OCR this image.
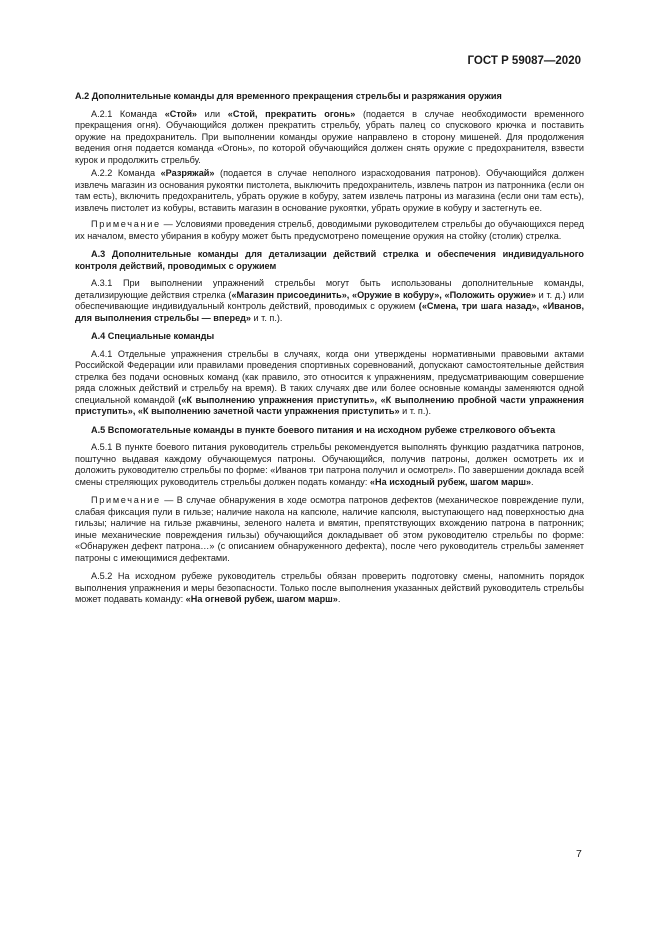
ГОСТ Р 59087—2020

А.2 Дополнительные команды для временного прекращения стрельбы и разряжания оружия

А.2.1 Команда «Стой» или «Стой, прекратить огонь» (подается в случае необходимости временного прекращения огня). Обучающийся должен прекратить стрельбу, убрать палец со спускового крючка и поставить оружие на предохранитель. При выполнении команды оружие направлено в сторону мишеней. Для продолжения ведения огня подается команда «Огонь», по которой обучающийся должен снять оружие с предохранителя, взвести курок и продолжить стрельбу.

А.2.2 Команда «Разряжай» (подается в случае неполного израсходования патронов). Обучающийся должен извлечь магазин из основания рукоятки пистолета, выключить предохранитель, извлечь патрон из патронника (если он там есть), включить предохранитель, убрать оружие в кобуру, затем извлечь патроны из магазина (если они там есть), извлечь пистолет из кобуры, вставить магазин в основание рукоятки, убрать оружие в кобуру и застегнуть ее.

Примечание — Условиями проведения стрельб, доводимыми руководителем стрельбы до обучающихся перед их началом, вместо убирания в кобуру может быть предусмотрено помещение оружия на стойку (столик) стрелка.

А.3 Дополнительные команды для детализации действий стрелка и обеспечения индивидуального контроля действий, проводимых с оружием

А.3.1 При выполнении упражнений стрельбы могут быть использованы дополнительные команды, детализирующие действия стрелка («Магазин присоединить», «Оружие в кобуру», «Положить оружие» и т. д.) или обеспечивающие индивидуальный контроль действий, проводимых с оружием («Смена, три шага назад», «Иванов, для выполнения стрельбы — вперед» и т. п.).

А.4 Специальные команды

А.4.1 Отдельные упражнения стрельбы в случаях, когда они утверждены нормативными правовыми актами Российской Федерации или правилами проведения спортивных соревнований, допускают самостоятельные действия стрелка без подачи основных команд (как правило, это относится к упражнениям, предусматривающим совершение ряда сложных действий и стрельбу на время). В таких случаях две или более основные команды заменяются одной специальной командой («К выполнению упражнения приступить», «К выполнению пробной части упражнения приступить», «К выполнению зачетной части упражнения приступить» и т. п.).

А.5 Вспомогательные команды в пункте боевого питания и на исходном рубеже стрелкового объекта

А.5.1 В пункте боевого питания руководитель стрельбы рекомендуется выполнять функцию раздатчика патронов, поштучно выдавая каждому обучающемуся патроны. Обучающийся, получив патроны, должен осмотреть их и доложить руководителю стрельбы по форме: «Иванов три патрона получил и осмотрел». По завершении доклада всей смены стреляющих руководитель стрельбы должен подать команду: «На исходный рубеж, шагом марш».

Примечание — В случае обнаружения в ходе осмотра патронов дефектов (механическое повреждение пули, слабая фиксация пули в гильзе; наличие накола на капсюле, наличие капсюля, выступающего над поверхностью дна гильзы; наличие на гильзе ржавчины, зеленого налета и вмятин, препятствующих вхождению патрона в патронник; иные механические повреждения гильзы) обучающийся докладывает об этом руководителю стрельбы по форме: «Обнаружен дефект патрона…» (с описанием обнаруженного дефекта), после чего руководитель стрельбы заменяет патроны с имеющимися дефектами.

А.5.2 На исходном рубеже руководитель стрельбы обязан проверить подготовку смены, напомнить порядок выполнения упражнения и меры безопасности. Только после выполнения указанных действий руководитель стрельбы может подавать команду: «На огневой рубеж, шагом марш».

7
